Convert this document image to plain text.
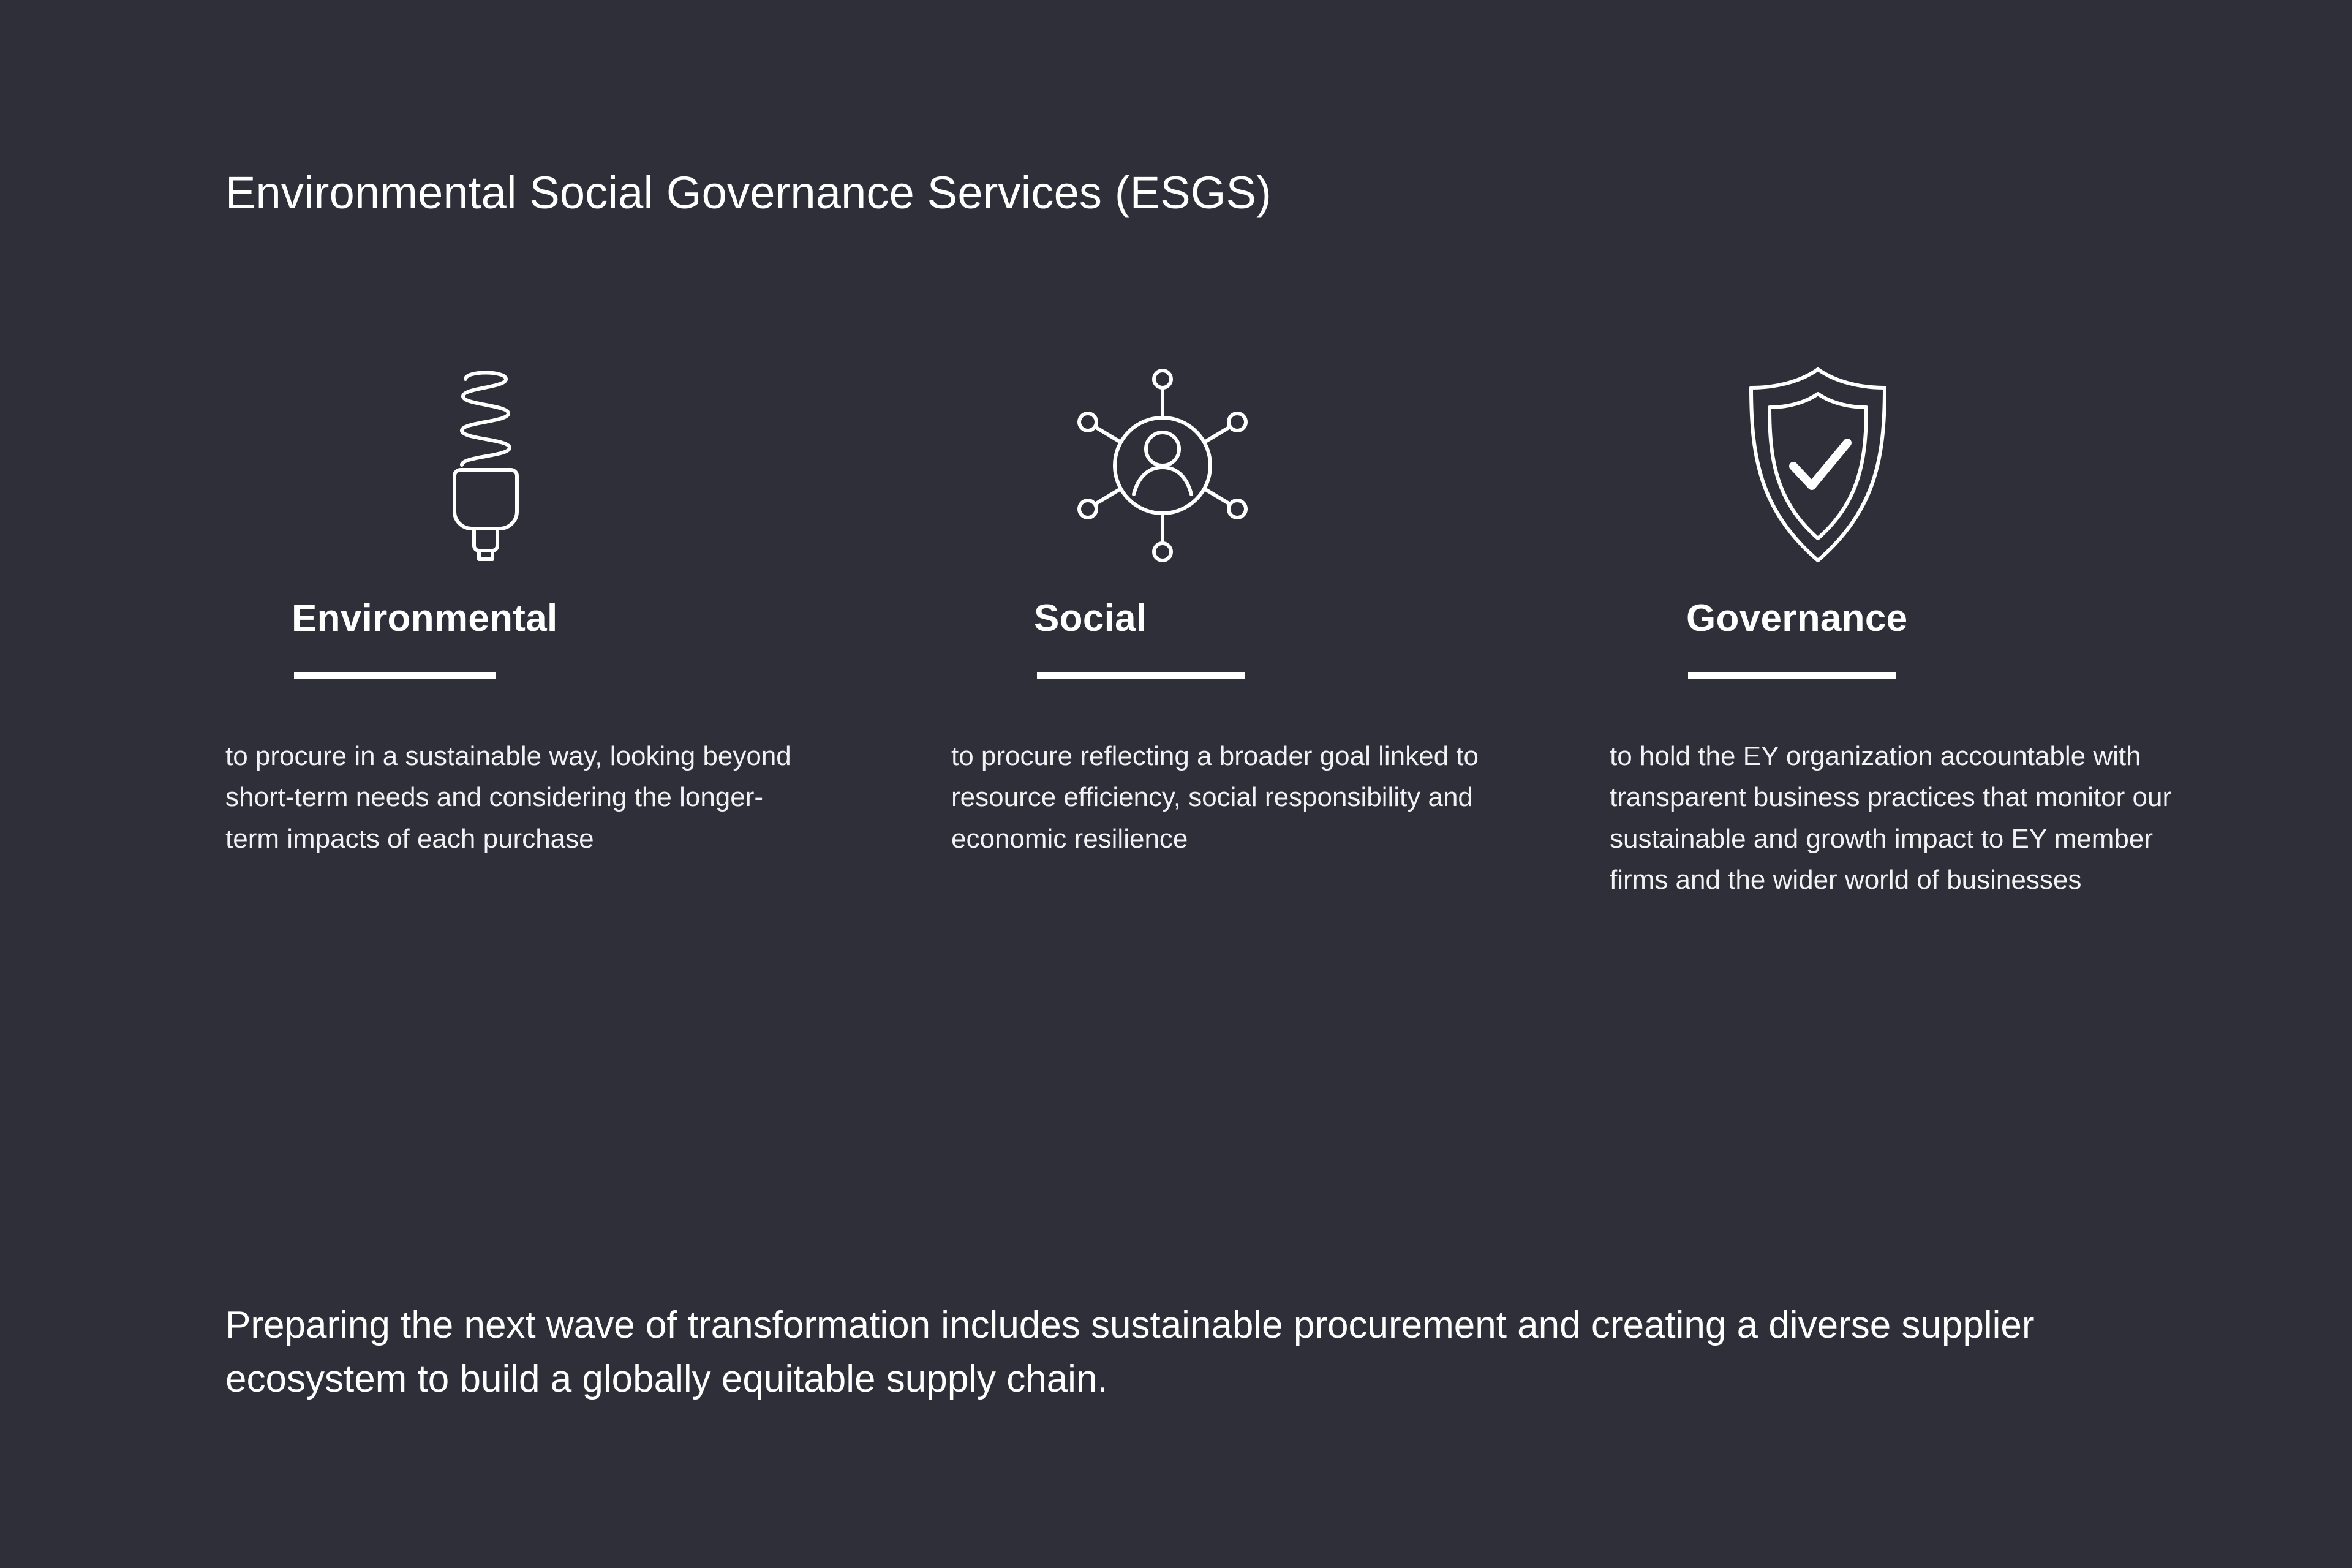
Environmental Social Governance Services (ESGS)
Environmental
to procure in a sustainable way, looking beyond short-term needs and considering the longer-term impacts of each purchase
Social
to procure reflecting a broader goal linked to resource efficiency, social responsibility and economic resilience
Governance
to hold the EY organization accountable with transparent business practices that monitor our sustainable and growth impact to EY member firms and the wider world of businesses
Preparing the next wave of transformation includes sustainable procurement and creating a diverse supplier ecosystem to build a globally equitable supply chain.
